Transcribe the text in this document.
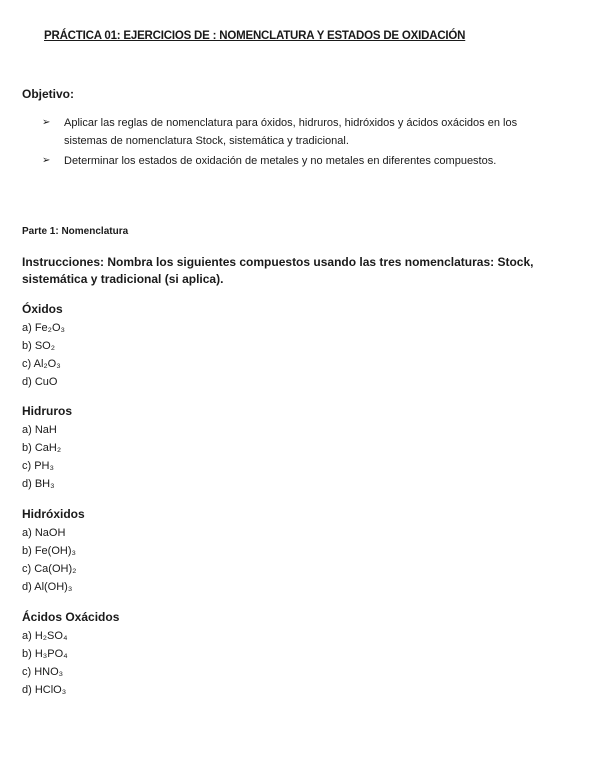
PRÁCTICA 01: EJERCICIOS DE : NOMENCLATURA Y ESTADOS DE OXIDACIÓN
Objetivo:
➢ Aplicar las reglas de nomenclatura para óxidos, hidruros, hidróxidos y ácidos oxácidos en los sistemas de nomenclatura Stock, sistemática y tradicional.
➢ Determinar los estados de oxidación de metales y no metales en diferentes compuestos.
Parte 1: Nomenclatura
Instrucciones: Nombra los siguientes compuestos usando las tres nomenclaturas: Stock, sistemática y tradicional (si aplica).
Óxidos
a) Fe₂O₃
b) SO₂
c) Al₂O₃
d) CuO
Hidruros
a) NaH
b) CaH₂
c) PH₃
d) BH₃
Hidróxidos
a) NaOH
b) Fe(OH)₃
c) Ca(OH)₂
d) Al(OH)₃
Ácidos Oxácidos
a) H₂SO₄
b) H₃PO₄
c) HNO₃
d) HClO₃
